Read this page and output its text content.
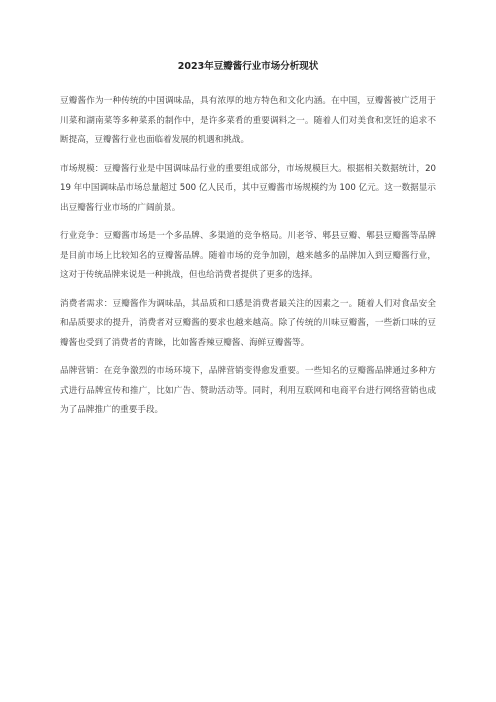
2023年豆瓣酱行业市场分析现状

豆瓣酱作为一种传统的中国调味品，具有浓厚的地方特色和文化内涵。在中国，豆瓣酱被广泛用于川菜和湖南菜等多种菜系的制作中，是许多菜肴的重要调料之一。随着人们对美食和烹饪的追求不断提高，豆瓣酱行业也面临着发展的机遇和挑战。

市场规模：豆瓣酱行业是中国调味品行业的重要组成部分，市场规模巨大。根据相关数据统计，2019 年中国调味品市场总量超过 500 亿人民币，其中豆瓣酱市场规模约为 100 亿元。这一数据显示出豆瓣酱行业市场的广阔前景。

行业竞争：豆瓣酱市场是一个多品牌、多渠道的竞争格局。川老爷、郫县豆瓣、郫县豆瓣酱等品牌是目前市场上比较知名的豆瓣酱品牌。随着市场的竞争加剧，越来越多的品牌加入到豆瓣酱行业，这对于传统品牌来说是一种挑战，但也给消费者提供了更多的选择。

消费者需求：豆瓣酱作为调味品，其品质和口感是消费者最关注的因素之一。随着人们对食品安全和品质要求的提升，消费者对豆瓣酱的要求也越来越高。除了传统的川味豆瓣酱，一些新口味的豆瓣酱也受到了消费者的青睐，比如酱香辣豆瓣酱、海鲜豆瓣酱等。

品牌营销：在竞争激烈的市场环境下，品牌营销变得愈发重要。一些知名的豆瓣酱品牌通过多种方式进行品牌宣传和推广，比如广告、赞助活动等。同时，利用互联网和电商平台进行网络营销也成为了品牌推广的重要手段。
